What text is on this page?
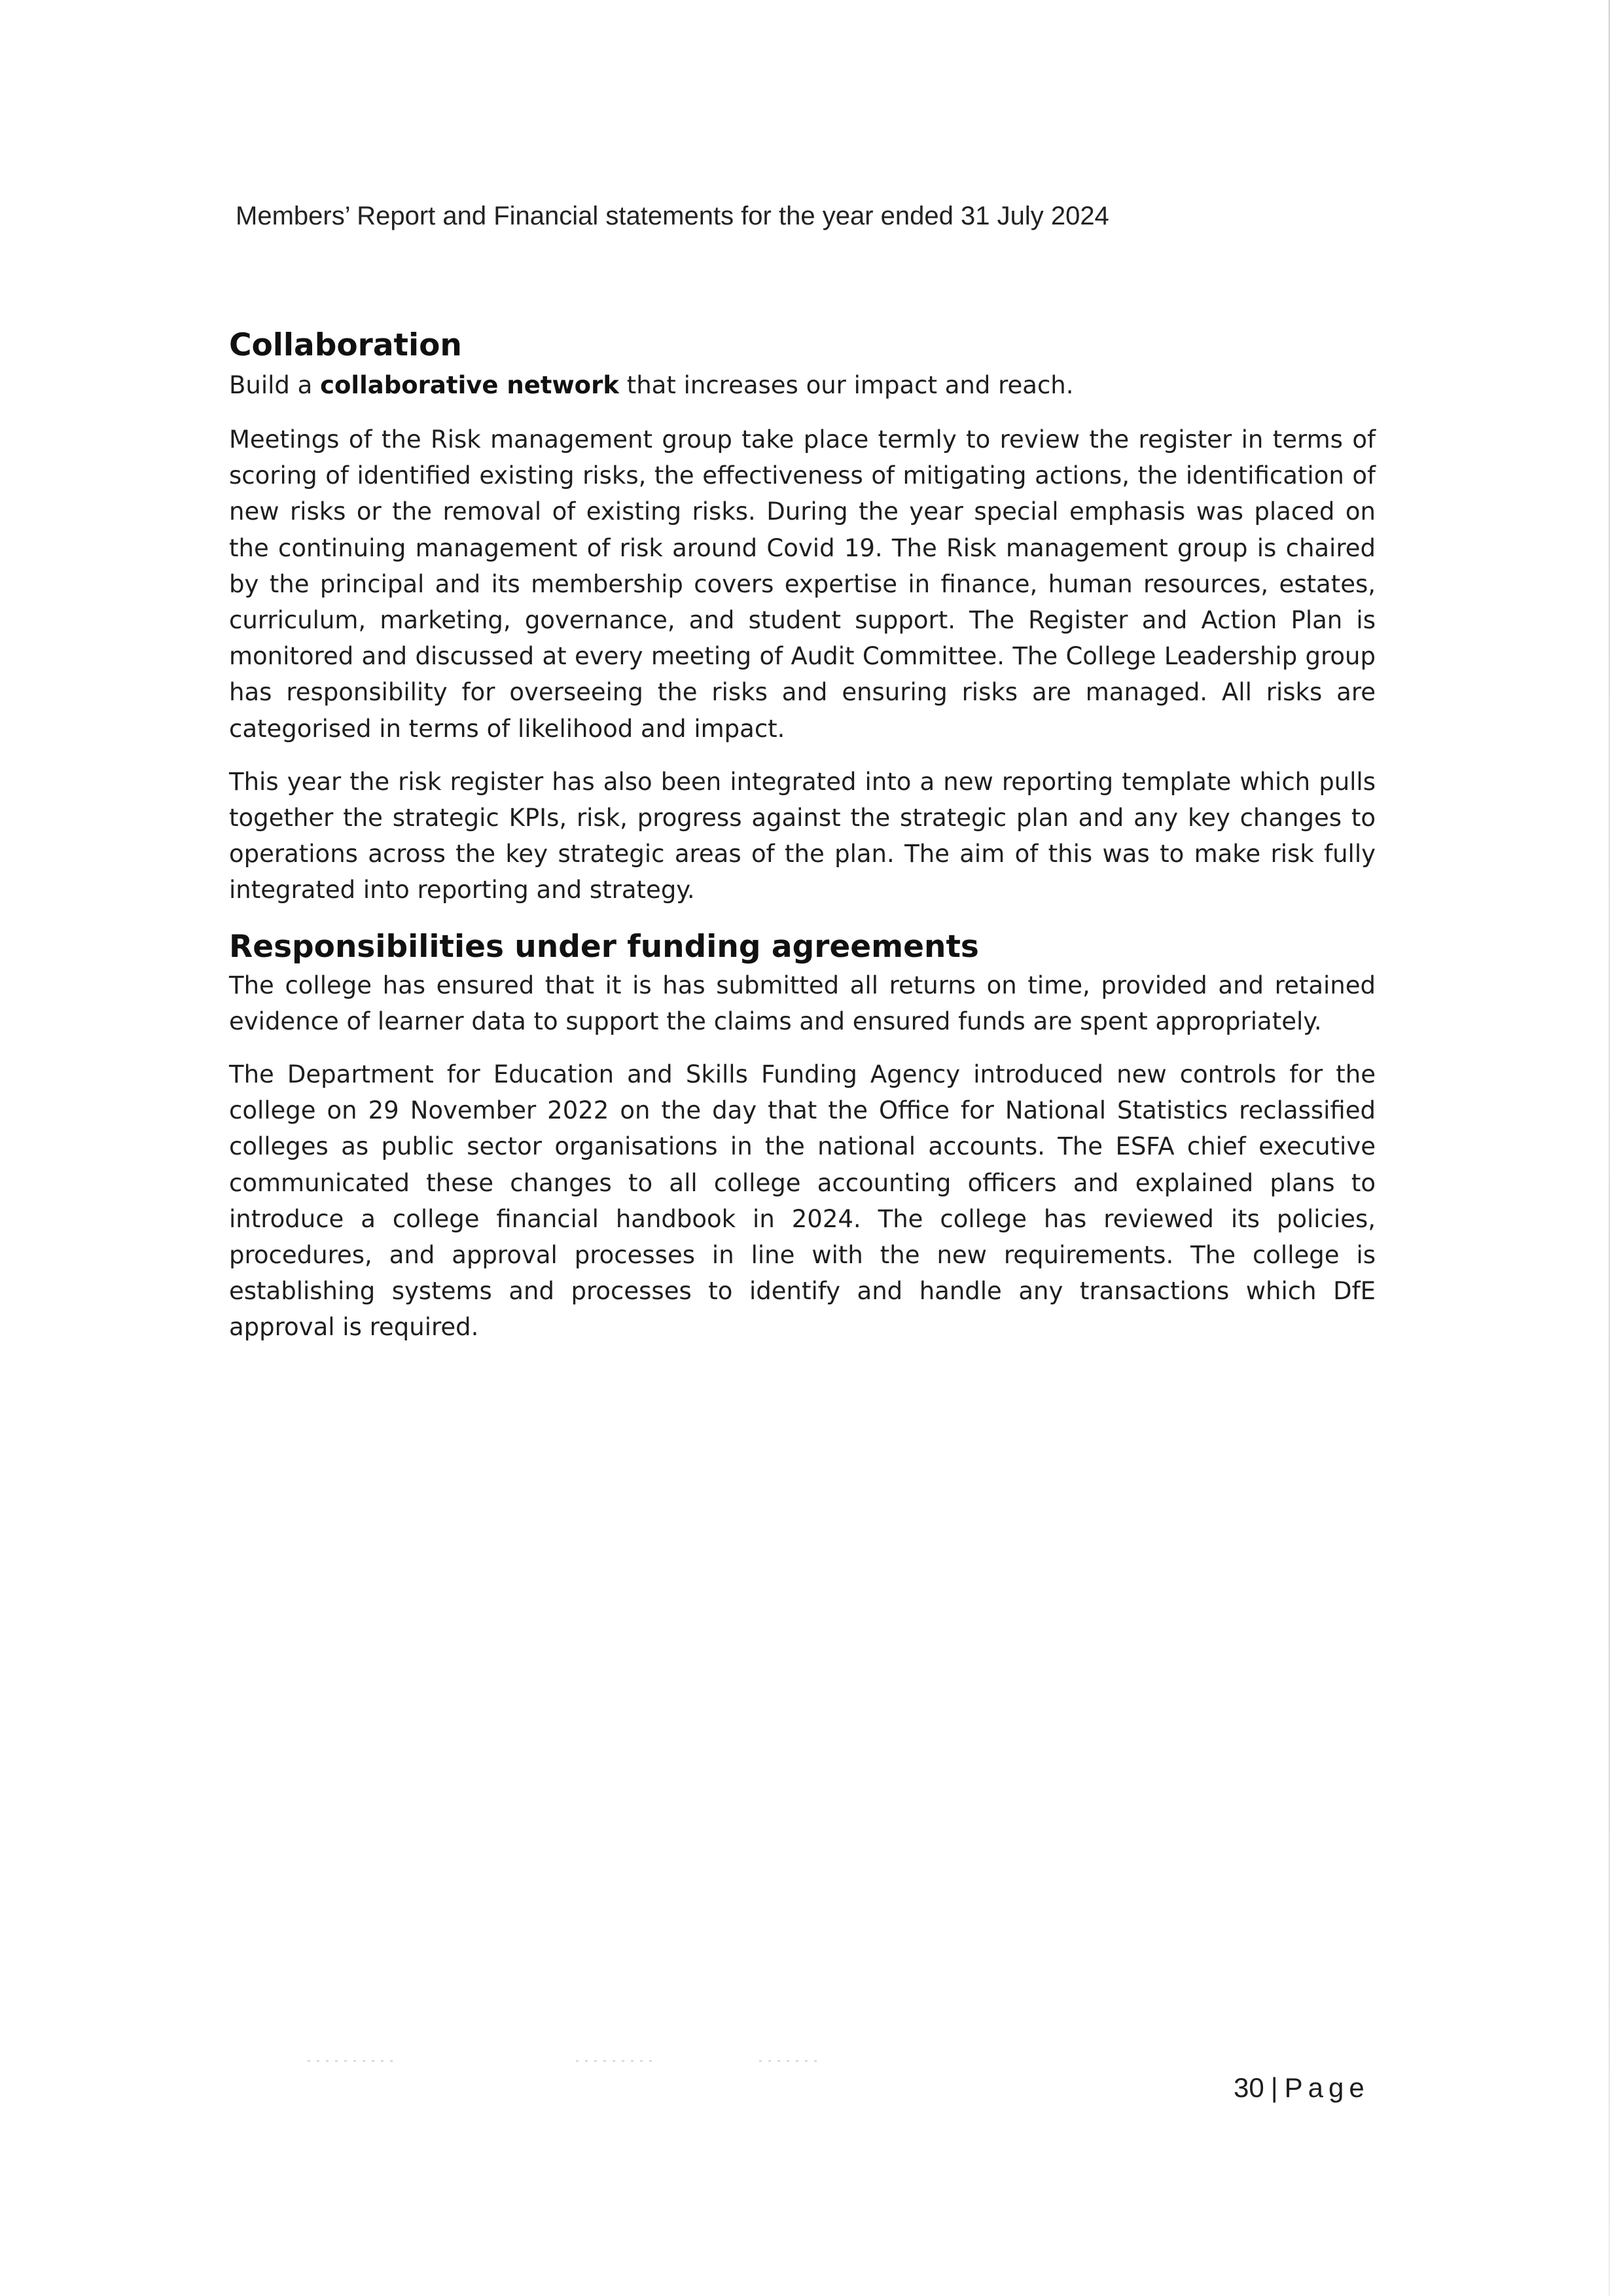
Members’ Report and Financial statements for the year ended 31 July 2024
Collaboration

Build a collaborative network that increases our impact and reach.

Meetings of the Risk management group take place termly to review the register in terms of scoring of identified existing risks, the effectiveness of mitigating actions, the identification of new risks or the removal of existing risks. During the year special emphasis was placed on the continuing management of risk around Covid 19. The Risk management group is chaired by the principal and its membership covers expertise in finance, human resources, estates, curriculum, marketing, governance, and student support. The Register and Action Plan is monitored and discussed at every meeting of Audit Committee. The College Leadership group has responsibility for overseeing the risks and ensuring risks are managed. All risks are categorised in terms of likelihood and impact.

This year the risk register has also been integrated into a new reporting template which pulls together the strategic KPIs, risk, progress against the strategic plan and any key changes to operations across the key strategic areas of the plan. The aim of this was to make risk fully integrated into reporting and strategy.

Responsibilities under funding agreements

The college has ensured that it is has submitted all returns on time, provided and retained evidence of learner data to support the claims and ensured funds are spent appropriately.

The Department for Education and Skills Funding Agency introduced new controls for the college on 29 November 2022 on the day that the Office for National Statistics reclassified colleges as public sector organisations in the national accounts. The ESFA chief executive communicated these changes to all college accounting officers and explained plans to introduce a college financial handbook in 2024. The college has reviewed its policies, procedures, and approval processes in line with the new requirements. The college is establishing systems and processes to identify and handle any transactions which DfE approval is required.

30 | Page
